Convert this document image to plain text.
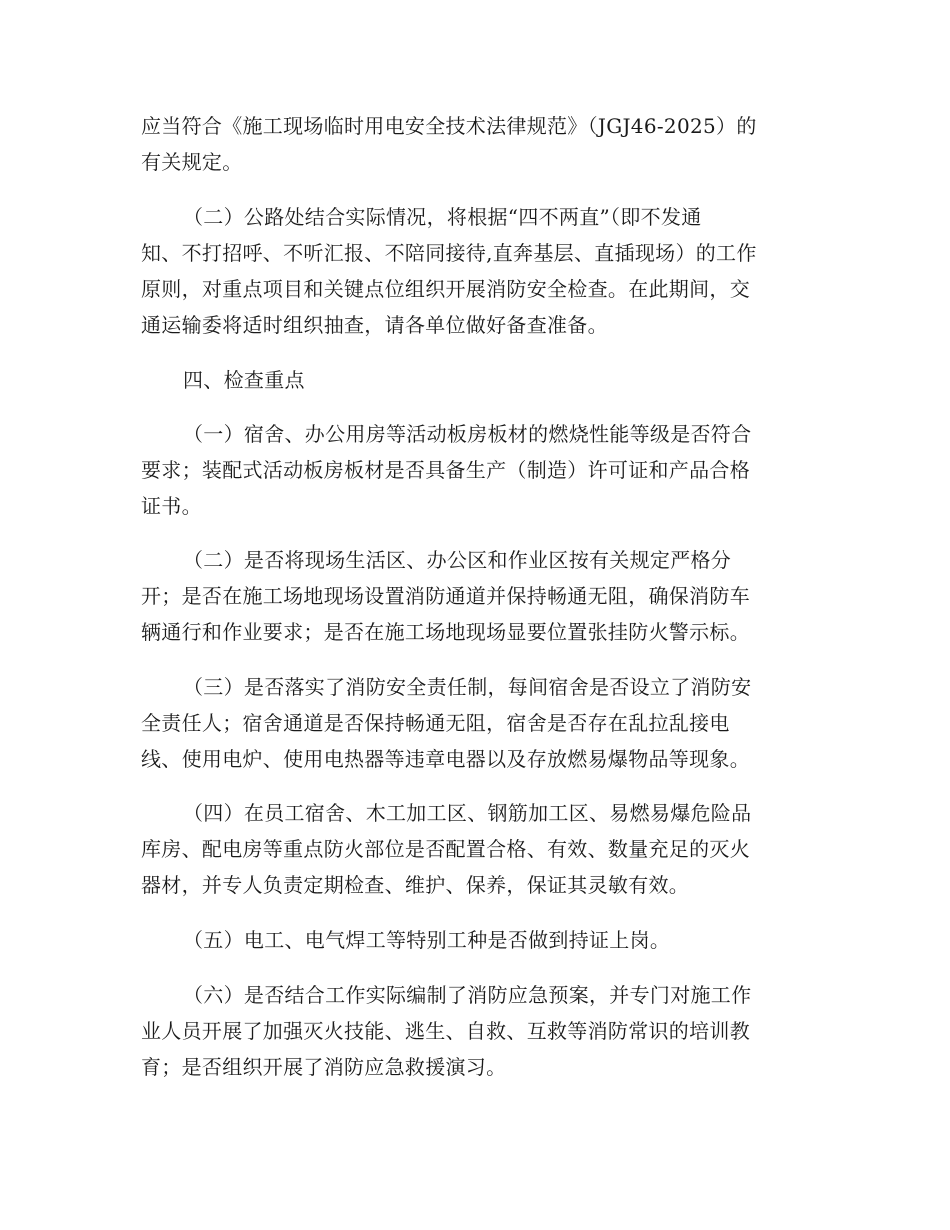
应当符合《施工现场临时用电安全技术法律规范》（JGJ46-2025）的
有关规定。
（二）公路处结合实际情况，将根据“四不两直”（即不发通
知、不打招呼、不听汇报、不陪同接待,直奔基层、直插现场）的工作
原则，对重点项目和关键点位组织开展消防安全检查。在此期间，交
通运输委将适时组织抽查，请各单位做好备查准备。
四、检查重点
（一）宿舍、办公用房等活动板房板材的燃烧性能等级是否符合
要求；装配式活动板房板材是否具备生产（制造）许可证和产品合格
证书。
（二）是否将现场生活区、办公区和作业区按有关规定严格分
开；是否在施工场地现场设置消防通道并保持畅通无阻，确保消防车
辆通行和作业要求；是否在施工场地现场显要位置张挂防火警示标。
（三）是否落实了消防安全责任制，每间宿舍是否设立了消防安
全责任人；宿舍通道是否保持畅通无阻，宿舍是否存在乱拉乱接电
线、使用电炉、使用电热器等违章电器以及存放燃易爆物品等现象。
（四）在员工宿舍、木工加工区、钢筋加工区、易燃易爆危险品
库房、配电房等重点防火部位是否配置合格、有效、数量充足的灭火
器材，并专人负责定期检查、维护、保养，保证其灵敏有效。
（五）电工、电气焊工等特别工种是否做到持证上岗。
（六）是否结合工作实际编制了消防应急预案，并专门对施工作
业人员开展了加强灭火技能、逃生、自救、互救等消防常识的培训教
育；是否组织开展了消防应急救援演习。
